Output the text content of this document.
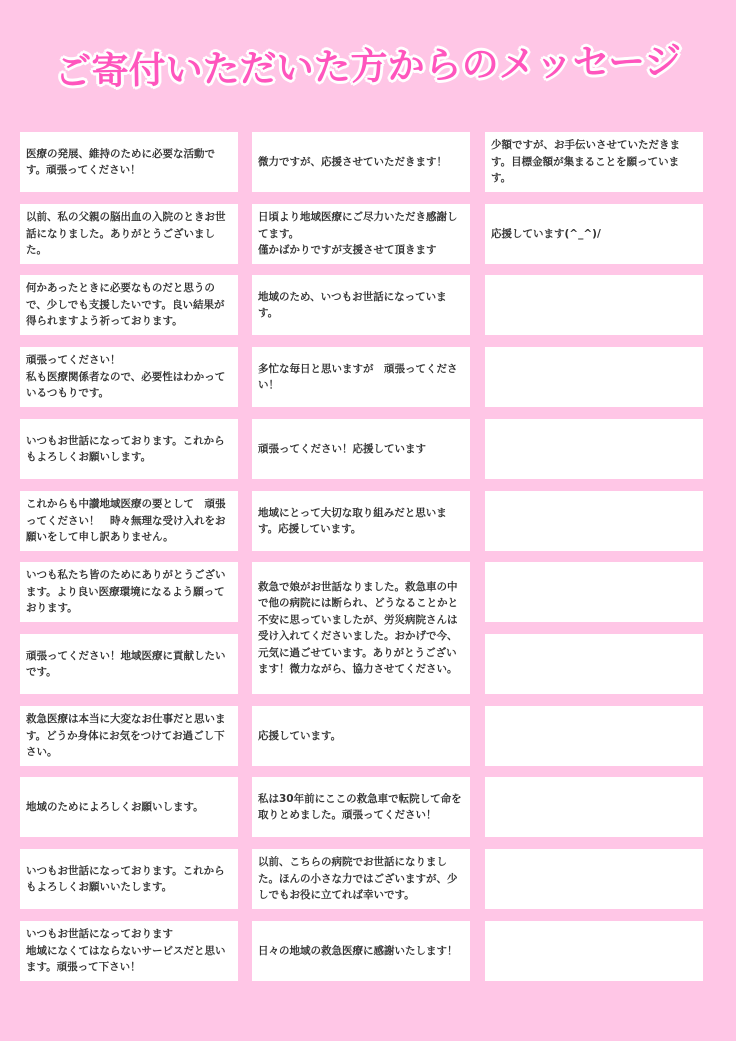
ご寄付いただいた方からのメッセージ
医療の発展、維持のために必要な活動です。頑張ってください！
以前、私の父親の脳出血の入院のときお世話になりました。ありがとうございました。
何かあったときに必要なものだと思うので、少しでも支援したいです。良い結果が得られますよう祈っております。
頑張ってください！
私も医療関係者なので、必要性はわかっているつもりです。
いつもお世話になっております。これからもよろしくお願いします。
これからも中讃地域医療の要として　頑張ってください！　時々無理な受け入れをお願いをして申し訳ありません。
いつも私たち皆のためにありがとうございます。より良い医療環境になるよう願っております。
頑張ってください！地域医療に貢献したいです。
救急医療は本当に大変なお仕事だと思います。どうか身体にお気をつけてお過ごし下さい。
地域のためによろしくお願いします。
いつもお世話になっております。これからもよろしくお願いいたします。
いつもお世話になっております
地域になくてはならないサービスだと思います。頑張って下さい！
微力ですが、応援させていただきます！
日頃より地域医療にご尽力いただき感謝してます。
僅かばかりですが支援させて頂きます
地域のため、いつもお世話になっています。
多忙な毎日と思いますが　頑張ってください！
頑張ってください！応援しています
地域にとって大切な取り組みだと思います。応援しています。
救急で娘がお世話なりました。救急車の中で他の病院には断られ、どうなることかと不安に思っていましたが、労災病院さんは受け入れてくださいました。おかげで今、元気に過ごせています。ありがとうございます！微力ながら、協力させてください。
応援しています。
私は30年前にここの救急車で転院して命を取りとめました。頑張ってください！
以前、こちらの病院でお世話になりました。ほんの小さな力ではございますが、少しでもお役に立てれば幸いです。
日々の地域の救急医療に感謝いたします！
少額ですが、お手伝いさせていただきます。目標金額が集まることを願っています。
応援しています(^_^)/
